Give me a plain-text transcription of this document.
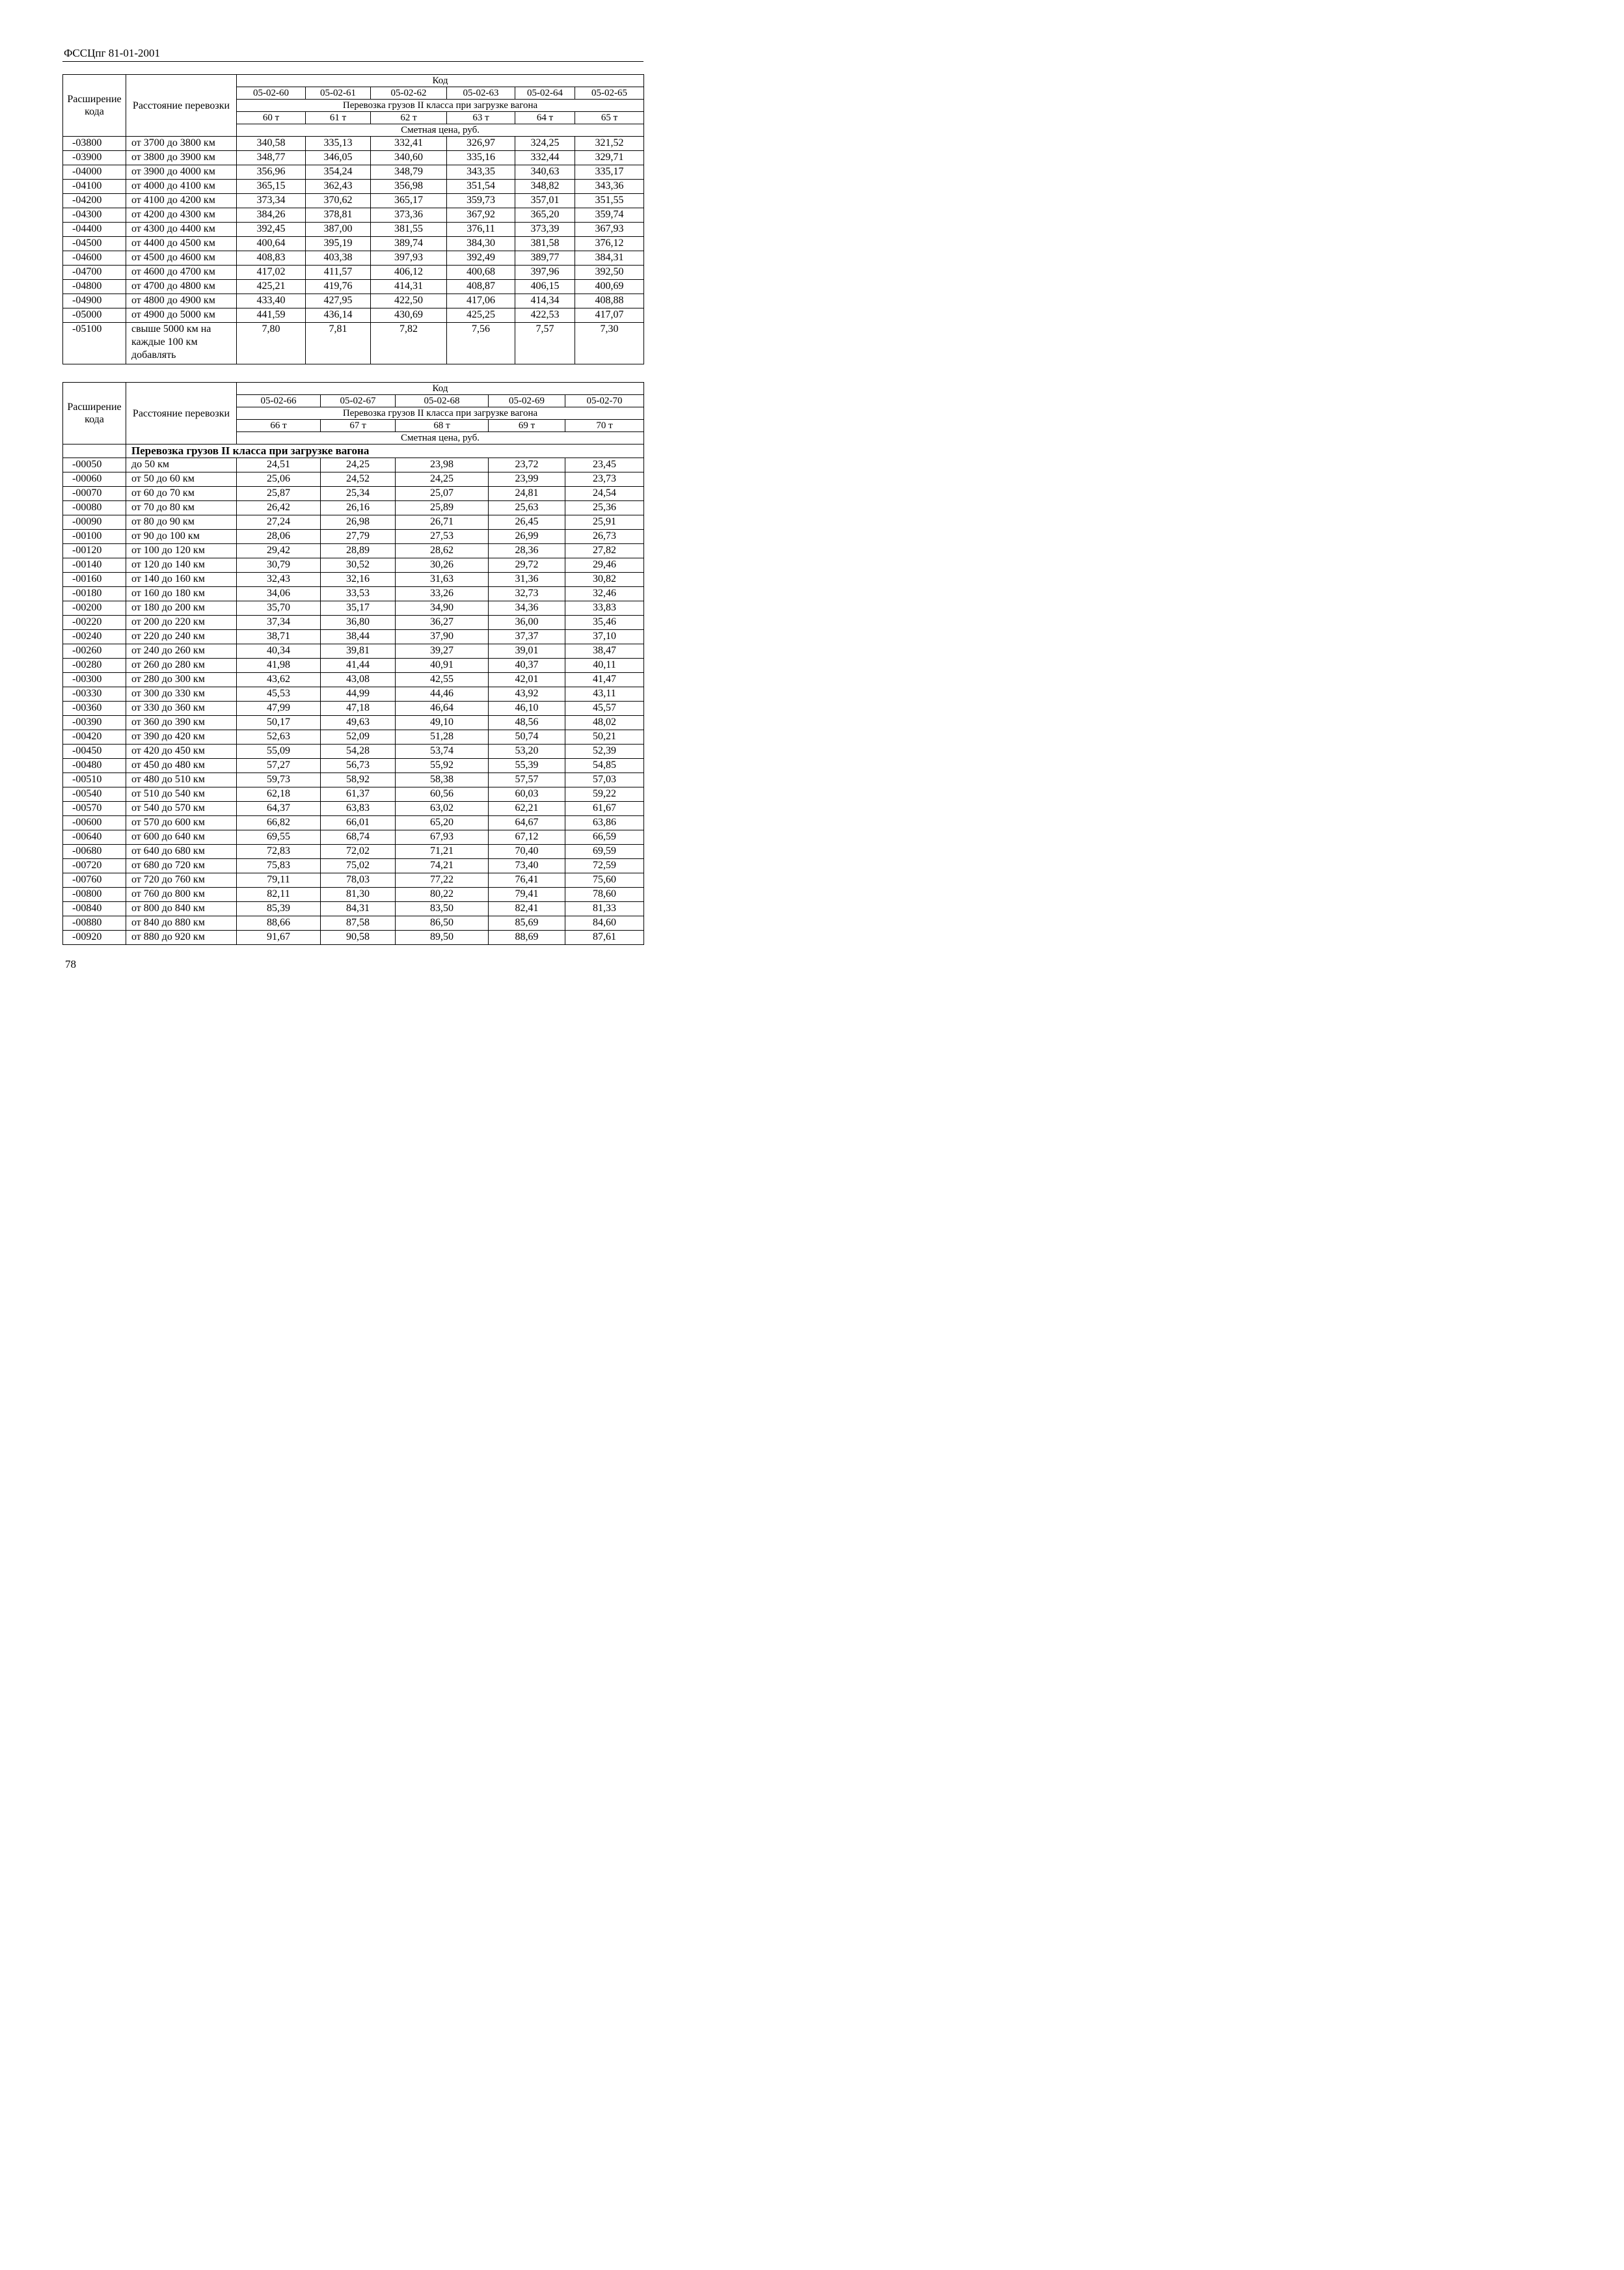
ФССЦпг 81-01-2001
Расширение кода	Расстояние перевозки	Код					
		05-02-60	05-02-61	05-02-62	05-02-63	05-02-64	05-02-65
		Перевозка грузов II класса при загрузке вагона					
		60 т	61 т	62 т	63 т	64 т	65 т
		Сметная цена, руб.					
-03800	от 3700 до 3800 км	340,58	335,13	332,41	326,97	324,25	321,52
-03900	от 3800 до 3900 км	348,77	346,05	340,60	335,16	332,44	329,71
-04000	от 3900 до 4000 км	356,96	354,24	348,79	343,35	340,63	335,17
-04100	от 4000 до 4100 км	365,15	362,43	356,98	351,54	348,82	343,36
-04200	от 4100 до 4200 км	373,34	370,62	365,17	359,73	357,01	351,55
-04300	от 4200 до 4300 км	384,26	378,81	373,36	367,92	365,20	359,74
-04400	от 4300 до 4400 км	392,45	387,00	381,55	376,11	373,39	367,93
-04500	от 4400 до 4500 км	400,64	395,19	389,74	384,30	381,58	376,12
-04600	от 4500 до 4600 км	408,83	403,38	397,93	392,49	389,77	384,31
-04700	от 4600 до 4700 км	417,02	411,57	406,12	400,68	397,96	392,50
-04800	от 4700 до 4800 км	425,21	419,76	414,31	408,87	406,15	400,69
-04900	от 4800 до 4900 км	433,40	427,95	422,50	417,06	414,34	408,88
-05000	от 4900 до 5000 км	441,59	436,14	430,69	425,25	422,53	417,07
-05100	свыше 5000 км на каждые 100 км добавлять	7,80	7,81	7,82	7,56	7,57	7,30
Расширение кода	Расстояние перевозки	Код				
		05-02-66	05-02-67	05-02-68	05-02-69	05-02-70
		Перевозка грузов II класса при загрузке вагона				
		66 т	67 т	68 т	69 т	70 т
		Сметная цена, руб.				
	Перевозка грузов II класса при загрузке вагона					
-00050	до 50 км	24,51	24,25	23,98	23,72	23,45
-00060	от 50 до 60 км	25,06	24,52	24,25	23,99	23,73
-00070	от 60 до 70 км	25,87	25,34	25,07	24,81	24,54
-00080	от 70 до 80 км	26,42	26,16	25,89	25,63	25,36
-00090	от 80 до 90 км	27,24	26,98	26,71	26,45	25,91
-00100	от 90 до 100 км	28,06	27,79	27,53	26,99	26,73
-00120	от 100 до 120 км	29,42	28,89	28,62	28,36	27,82
-00140	от 120 до 140 км	30,79	30,52	30,26	29,72	29,46
-00160	от 140 до 160 км	32,43	32,16	31,63	31,36	30,82
-00180	от 160 до 180 км	34,06	33,53	33,26	32,73	32,46
-00200	от 180 до 200 км	35,70	35,17	34,90	34,36	33,83
-00220	от 200 до 220 км	37,34	36,80	36,27	36,00	35,46
-00240	от 220 до 240 км	38,71	38,44	37,90	37,37	37,10
-00260	от 240 до 260 км	40,34	39,81	39,27	39,01	38,47
-00280	от 260 до 280 км	41,98	41,44	40,91	40,37	40,11
-00300	от 280 до 300 км	43,62	43,08	42,55	42,01	41,47
-00330	от 300 до 330 км	45,53	44,99	44,46	43,92	43,11
-00360	от 330 до 360 км	47,99	47,18	46,64	46,10	45,57
-00390	от 360 до 390 км	50,17	49,63	49,10	48,56	48,02
-00420	от 390 до 420 км	52,63	52,09	51,28	50,74	50,21
-00450	от 420 до 450 км	55,09	54,28	53,74	53,20	52,39
-00480	от 450 до 480 км	57,27	56,73	55,92	55,39	54,85
-00510	от 480 до 510 км	59,73	58,92	58,38	57,57	57,03
-00540	от 510 до 540 км	62,18	61,37	60,56	60,03	59,22
-00570	от 540 до 570 км	64,37	63,83	63,02	62,21	61,67
-00600	от 570 до 600 км	66,82	66,01	65,20	64,67	63,86
-00640	от 600 до 640 км	69,55	68,74	67,93	67,12	66,59
-00680	от 640 до 680 км	72,83	72,02	71,21	70,40	69,59
-00720	от 680 до 720 км	75,83	75,02	74,21	73,40	72,59
-00760	от 720 до 760 км	79,11	78,03	77,22	76,41	75,60
-00800	от 760 до 800 км	82,11	81,30	80,22	79,41	78,60
-00840	от 800 до 840 км	85,39	84,31	83,50	82,41	81,33
-00880	от 840 до 880 км	88,66	87,58	86,50	85,69	84,60
-00920	от 880 до 920 км	91,67	90,58	89,50	88,69	87,61
78
